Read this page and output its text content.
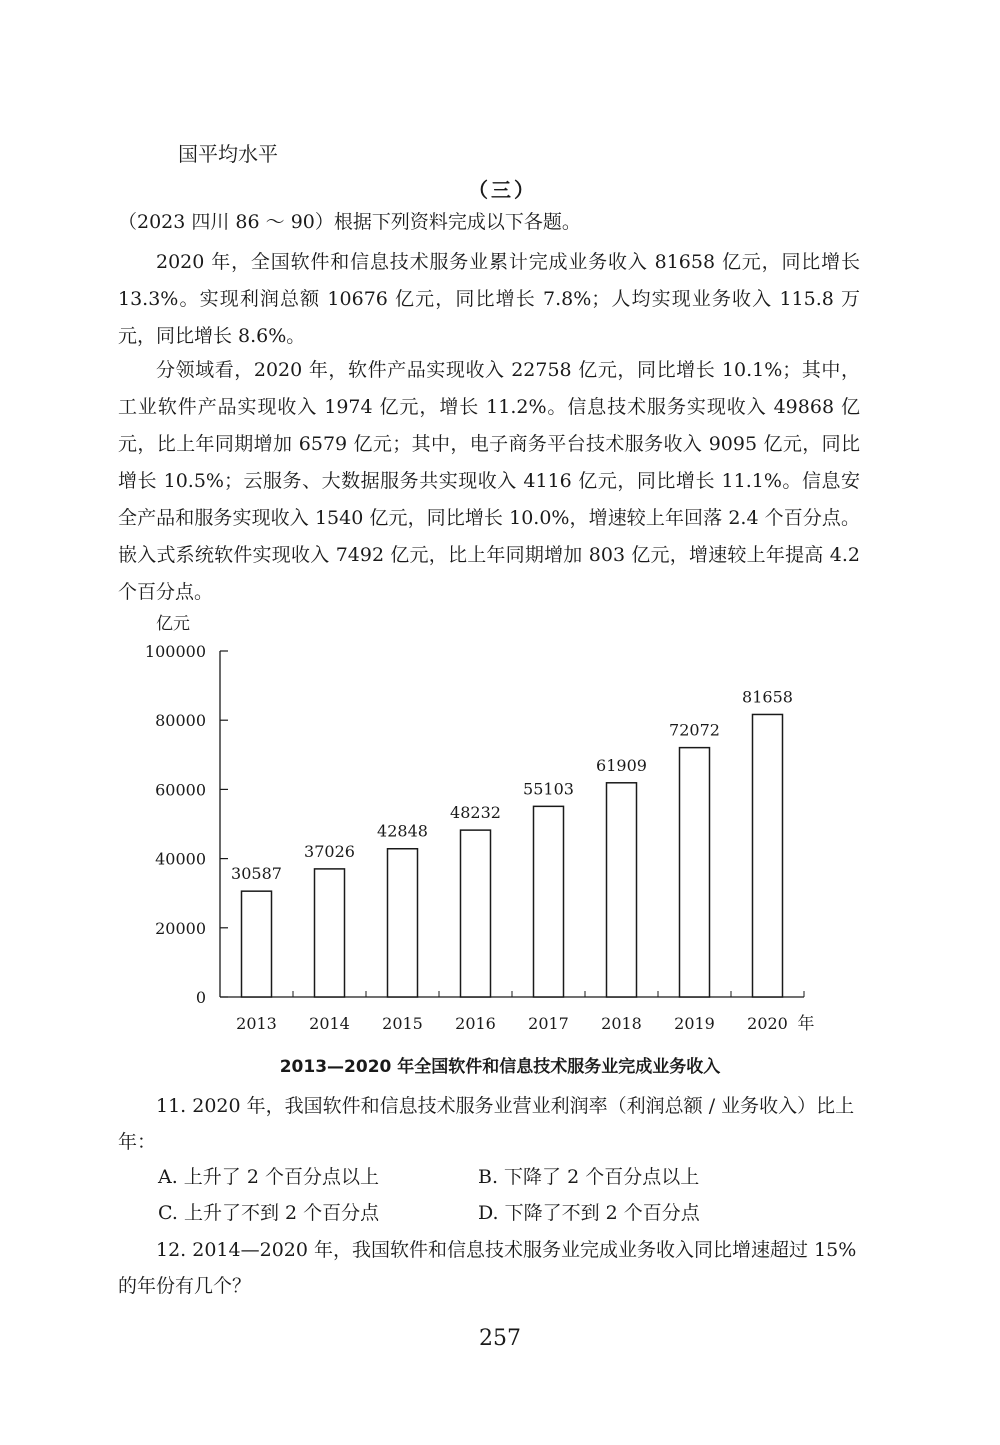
国平均水平
（三）
（2023 四川 86 ～ 90）根据下列资料完成以下各题。
2020 年，全国软件和信息技术服务业累计完成业务收入 81658 亿元，同比增长 13.3%。实现利润总额 10676 亿元，同比增长 7.8%；人均实现业务收入 115.8 万元，同比增长 8.6%。
分领域看，2020 年，软件产品实现收入 22758 亿元，同比增长 10.1%；其中，工业软件产品实现收入 1974 亿元，增长 11.2%。信息技术服务实现收入 49868 亿元，比上年同期增加 6579 亿元；其中，电子商务平台技术服务收入 9095 亿元，同比增长 10.5%；云服务、大数据服务共实现收入 4116 亿元，同比增长 11.1%。信息安全产品和服务实现收入 1540 亿元，同比增长 10.0%，增速较上年回落 2.4 个百分点。嵌入式系统软件实现收入 7492 亿元，比上年同期增加 803 亿元，增速较上年提高 4.2 个百分点。
亿元
0
20000
40000
60000
80000
100000
30587
2013
37026
2014
42848
2015
48232
2016
55103
2017
61909
2018
72072
2019
81658
2020 年
2013—2020 年全国软件和信息技术服务业完成业务收入
11. 2020 年，我国软件和信息技术服务业营业利润率（利润总额 / 业务收入）比上年：
A. 上升了 2 个百分点以上	B. 下降了 2 个百分点以上
C. 上升了不到 2 个百分点	D. 下降了不到 2 个百分点
12. 2014—2020 年，我国软件和信息技术服务业完成业务收入同比增速超过 15% 的年份有几个？
257
